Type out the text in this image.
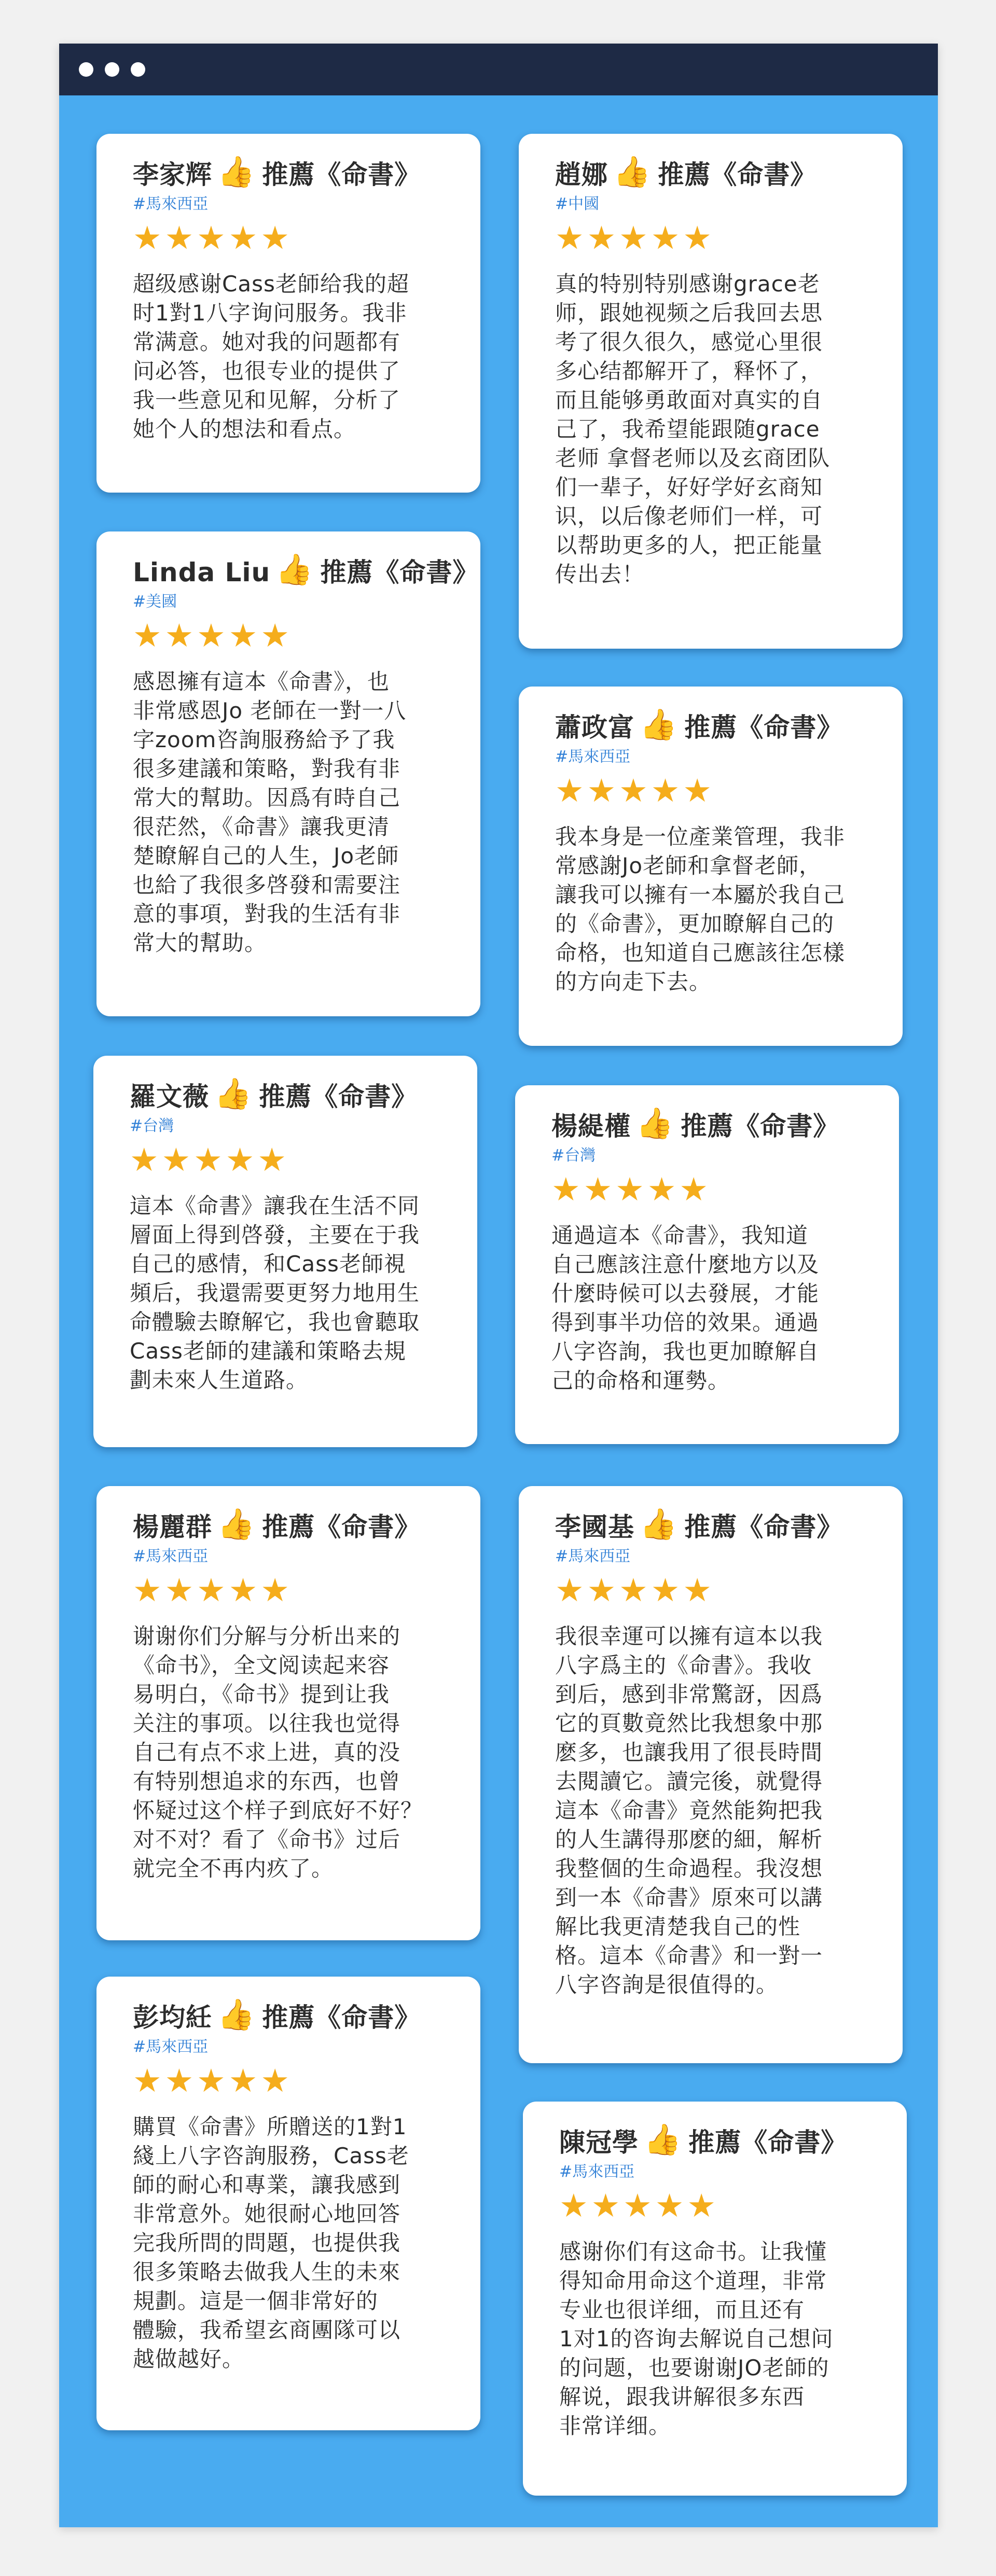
李家辉 👍 推薦《命書》
#馬來西亞
★★★★★
超级感谢Cass老師给我的超
时1對1八字询问服务。我非
常满意。她对我的问题都有
问必答，也很专业的提供了
我一些意见和见解，分析了
她个人的想法和看点。
趙娜 👍 推薦《命書》
#中國
★★★★★
真的特别特别感谢grace老
师，跟她视频之后我回去思
考了很久很久，感觉心里很
多心结都解开了，释怀了，
而且能够勇敢面对真实的自
己了，我希望能跟随grace
老师 拿督老师以及玄商团队
们一辈子，好好学好玄商知
识，以后像老师们一样，可
以帮助更多的人，把正能量
传出去！
Linda Liu 👍 推薦《命書》
#美國
★★★★★
感恩擁有這本《命書》，也
非常感恩Jo 老師在一對一八
字zoom咨詢服務給予了我
很多建議和策略，對我有非
常大的幫助。因爲有時自己
很茫然，《命書》讓我更清
楚瞭解自己的人生，Jo老師
也給了我很多啓發和需要注
意的事項，對我的生活有非
常大的幫助。
蕭政富 👍 推薦《命書》
#馬來西亞
★★★★★
我本身是一位產業管理，我非
常感謝Jo老師和拿督老師，
讓我可以擁有一本屬於我自己
的《命書》，更加瞭解自己的
命格，也知道自己應該往怎樣
的方向走下去。
羅文薇 👍 推薦《命書》
#台灣
★★★★★
這本《命書》讓我在生活不同
層面上得到啓發，主要在于我
自己的感情，和Cass老師視
頻后，我還需要更努力地用生
命體驗去瞭解它，我也會聽取
Cass老師的建議和策略去規
劃未來人生道路。
楊緹權 👍 推薦《命書》
#台灣
★★★★★
通過這本《命書》，我知道
自己應該注意什麼地方以及
什麼時候可以去發展，才能
得到事半功倍的效果。通過
八字咨詢，我也更加瞭解自
己的命格和運勢。
楊麗群 👍 推薦《命書》
#馬來西亞
★★★★★
谢谢你们分解与分析出来的
《命书》，全文阅读起来容
易明白，《命书》提到让我
关注的事项。以往我也觉得
自己有点不求上进，真的没
有特别想追求的东西，也曾
怀疑过这个样子到底好不好？
对不对？看了《命书》过后
就完全不再内疚了。
李國基 👍 推薦《命書》
#馬來西亞
★★★★★
我很幸運可以擁有這本以我
八字爲主的《命書》。我收
到后，感到非常驚訝，因爲
它的頁數竟然比我想象中那
麽多，也讓我用了很長時間
去閱讀它。讀完後，就覺得
這本《命書》竟然能夠把我
的人生講得那麽的細，解析
我整個的生命過程。我沒想
到一本《命書》原來可以講
解比我更清楚我自己的性
格。這本《命書》和一對一
八字咨詢是很值得的。
彭均紝 👍 推薦《命書》
#馬來西亞
★★★★★
購買《命書》所贈送的1對1
綫上八字咨詢服務，Cass老
師的耐心和專業，讓我感到
非常意外。她很耐心地回答
完我所問的問題，也提供我
很多策略去做我人生的未來
規劃。這是一個非常好的
體驗，我希望玄商團隊可以
越做越好。
陳冠學 👍 推薦《命書》
#馬來西亞
★★★★★
感谢你们有这命书。让我懂
得知命用命这个道理，非常
专业也很详细，而且还有
1对1的咨询去解说自己想问
的问题，也要谢谢JO老師的
解说，跟我讲解很多东西
非常详细。
